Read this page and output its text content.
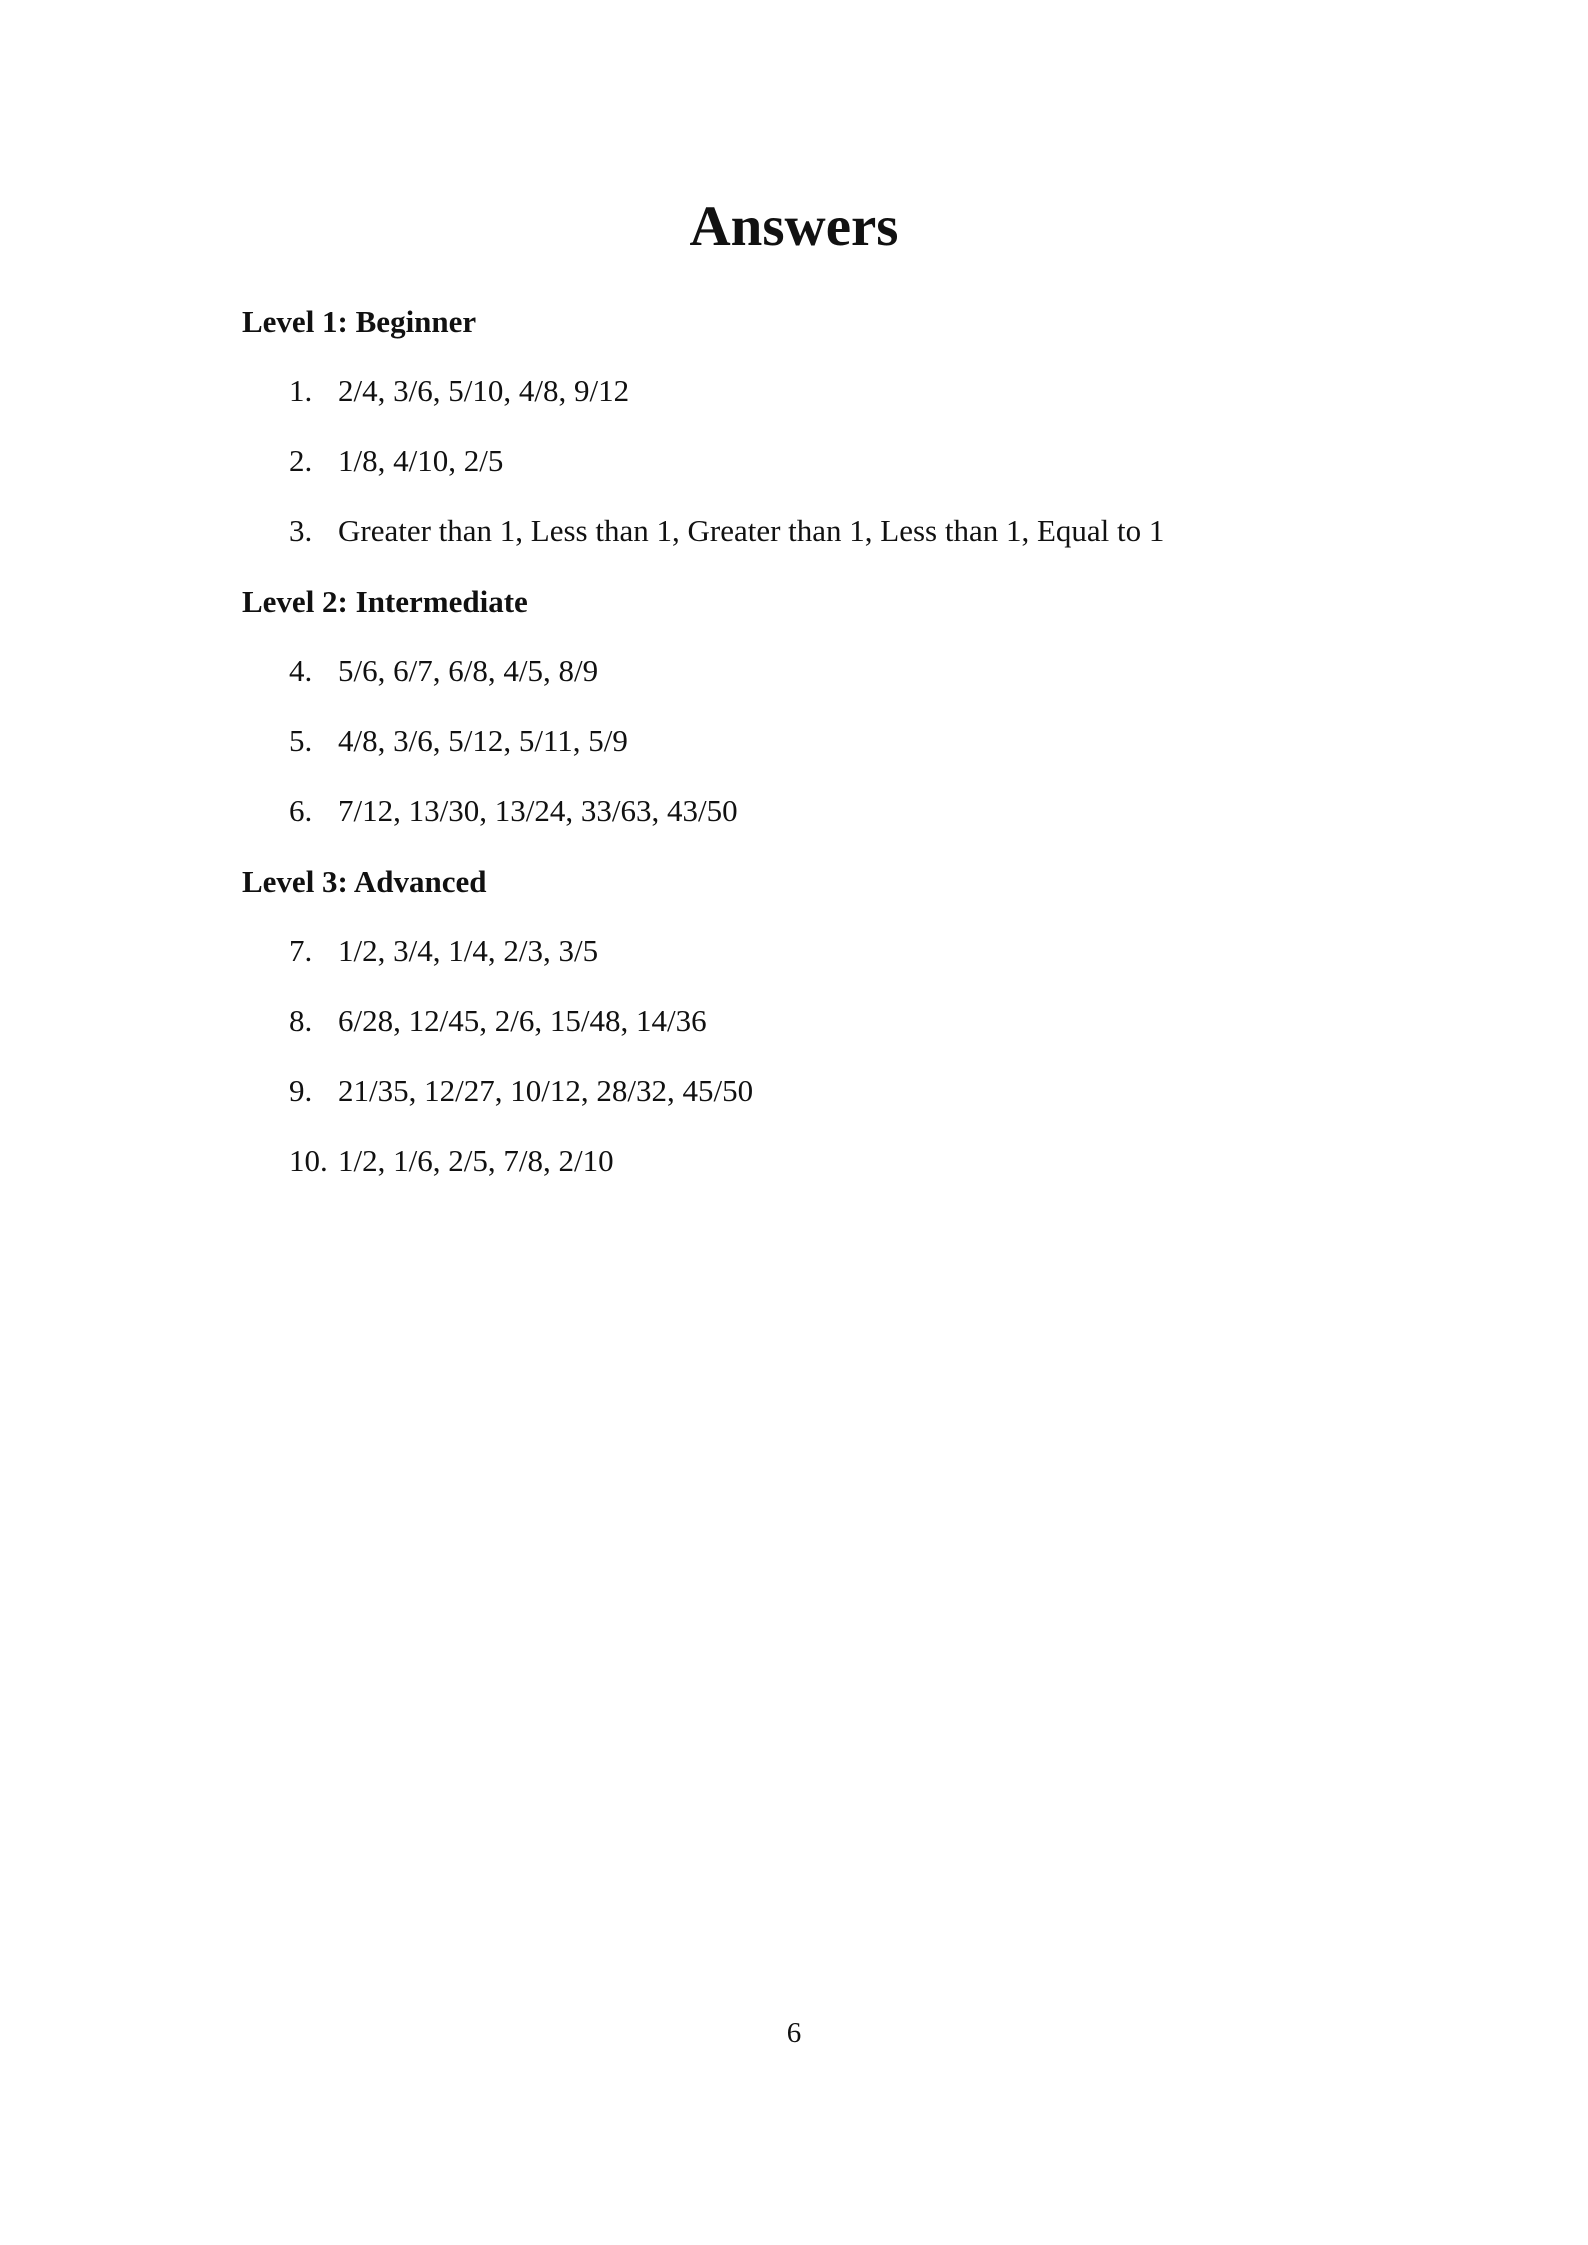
Answers
Level 1: Beginner
1. 2/4, 3/6, 5/10, 4/8, 9/12
2. 1/8, 4/10, 2/5
3. Greater than 1, Less than 1, Greater than 1, Less than 1, Equal to 1
Level 2: Intermediate
4. 5/6, 6/7, 6/8, 4/5, 8/9
5. 4/8, 3/6, 5/12, 5/11, 5/9
6. 7/12, 13/30, 13/24, 33/63, 43/50
Level 3: Advanced
7. 1/2, 3/4, 1/4, 2/3, 3/5
8. 6/28, 12/45, 2/6, 15/48, 14/36
9. 21/35, 12/27, 10/12, 28/32, 45/50
10. 1/2, 1/6, 2/5, 7/8, 2/10
6
